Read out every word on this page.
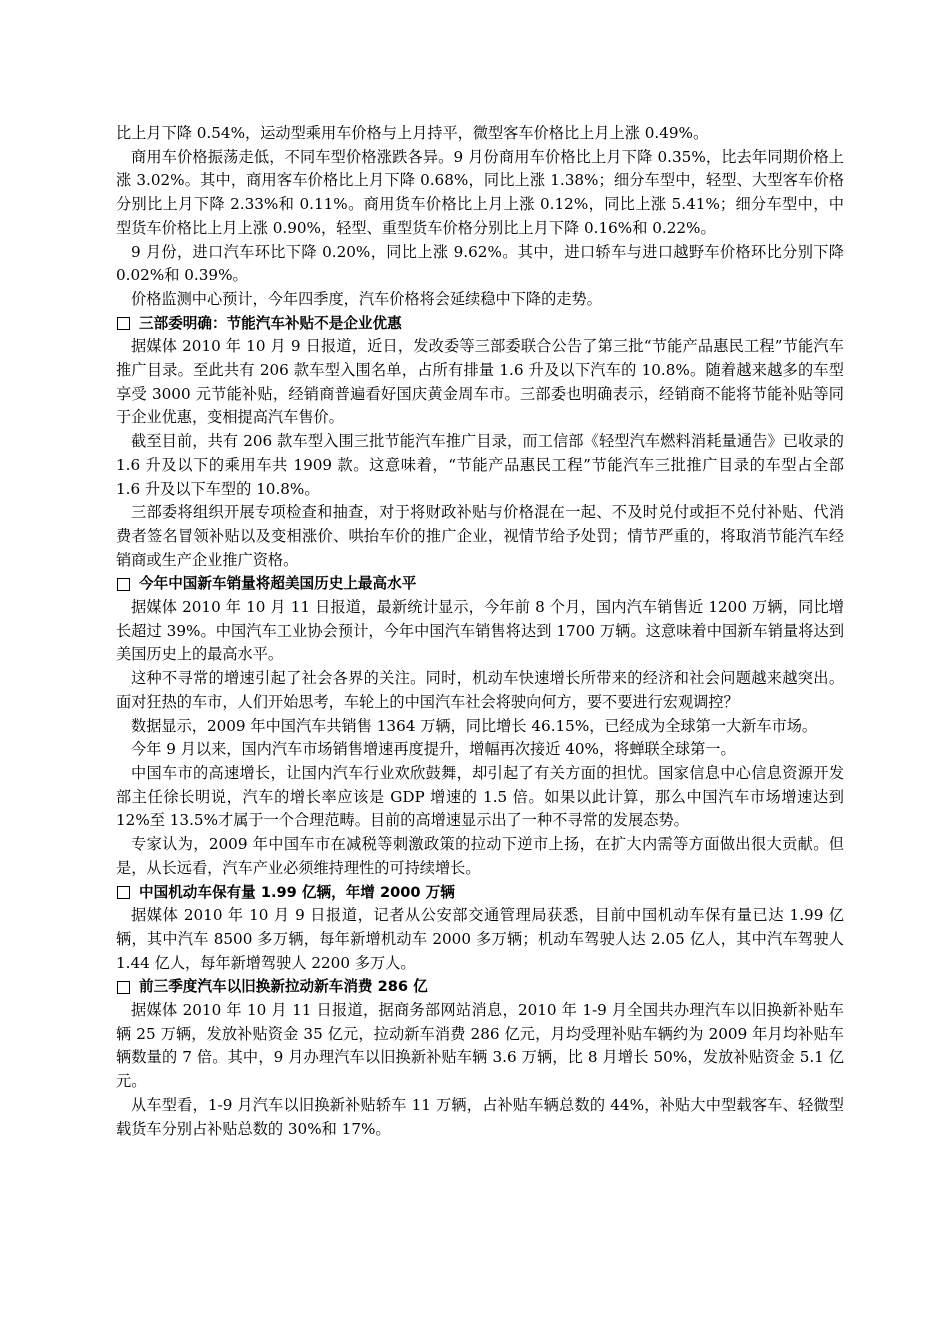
比上月下降 0.54%，运动型乘用车价格与上月持平，微型客车价格比上月上涨 0.49%。

商用车价格振荡走低，不同车型价格涨跌各异。9 月份商用车价格比上月下降 0.35%，比去年同期价格上涨 3.02%。其中，商用客车价格比上月下降 0.68%，同比上涨 1.38%；细分车型中，轻型、大型客车价格分别比上月下降 2.33%和 0.11%。商用货车价格比上月上涨 0.12%，同比上涨 5.41%；细分车型中，中型货车价格比上月上涨 0.90%，轻型、重型货车价格分别比上月下降 0.16%和 0.22%。

9 月份，进口汽车环比下降 0.20%，同比上涨 9.62%。其中，进口轿车与进口越野车价格环比分别下降 0.02%和 0.39%。

价格监测中心预计，今年四季度，汽车价格将会延续稳中下降的走势。

三部委明确：节能汽车补贴不是企业优惠

据媒体 2010 年 10 月 9 日报道，近日，发改委等三部委联合公告了第三批“节能产品惠民工程”节能汽车推广目录。至此共有 206 款车型入围名单，占所有排量 1.6 升及以下汽车的 10.8%。随着越来越多的车型享受 3000 元节能补贴，经销商普遍看好国庆黄金周车市。三部委也明确表示，经销商不能将节能补贴等同于企业优惠，变相提高汽车售价。

截至目前，共有 206 款车型入围三批节能汽车推广目录，而工信部《轻型汽车燃料消耗量通告》已收录的 1.6 升及以下的乘用车共 1909 款。这意味着，“节能产品惠民工程”节能汽车三批推广目录的车型占全部 1.6 升及以下车型的 10.8%。

三部委将组织开展专项检查和抽查，对于将财政补贴与价格混在一起、不及时兑付或拒不兑付补贴、代消费者签名冒领补贴以及变相涨价、哄抬车价的推广企业，视情节给予处罚；情节严重的，将取消节能汽车经销商或生产企业推广资格。

今年中国新车销量将超美国历史上最高水平

据媒体 2010 年 10 月 11 日报道，最新统计显示，今年前 8 个月，国内汽车销售近 1200 万辆，同比增长超过 39%。中国汽车工业协会预计，今年中国汽车销售将达到 1700 万辆。这意味着中国新车销量将达到美国历史上的最高水平。

这种不寻常的增速引起了社会各界的关注。同时，机动车快速增长所带来的经济和社会问题越来越突出。面对狂热的车市，人们开始思考，车轮上的中国汽车社会将驶向何方，要不要进行宏观调控？

数据显示，2009 年中国汽车共销售 1364 万辆，同比增长 46.15%，已经成为全球第一大新车市场。

今年 9 月以来，国内汽车市场销售增速再度提升，增幅再次接近 40%，将蝉联全球第一。

中国车市的高速增长，让国内汽车行业欢欣鼓舞，却引起了有关方面的担忧。国家信息中心信息资源开发部主任徐长明说，汽车的增长率应该是 GDP 增速的 1.5 倍。如果以此计算，那么中国汽车市场增速达到 12%至 13.5%才属于一个合理范畴。目前的高增速显示出了一种不寻常的发展态势。

专家认为，2009 年中国车市在减税等刺激政策的拉动下逆市上扬，在扩大内需等方面做出很大贡献。但是，从长远看，汽车产业必须维持理性的可持续增长。

中国机动车保有量 1.99 亿辆，年增 2000 万辆

据媒体 2010 年 10 月 9 日报道，记者从公安部交通管理局获悉，目前中国机动车保有量已达 1.99 亿辆，其中汽车 8500 多万辆，每年新增机动车 2000 多万辆；机动车驾驶人达 2.05 亿人，其中汽车驾驶人 1.44 亿人，每年新增驾驶人 2200 多万人。

前三季度汽车以旧换新拉动新车消费 286 亿

据媒体 2010 年 10 月 11 日报道，据商务部网站消息，2010 年 1-9 月全国共办理汽车以旧换新补贴车辆 25 万辆，发放补贴资金 35 亿元，拉动新车消费 286 亿元，月均受理补贴车辆约为 2009 年月均补贴车辆数量的 7 倍。其中，9 月办理汽车以旧换新补贴车辆 3.6 万辆，比 8 月增长 50%，发放补贴资金 5.1 亿元。

从车型看，1-9 月汽车以旧换新补贴轿车 11 万辆，占补贴车辆总数的 44%，补贴大中型载客车、轻微型载货车分别占补贴总数的 30%和 17%。
